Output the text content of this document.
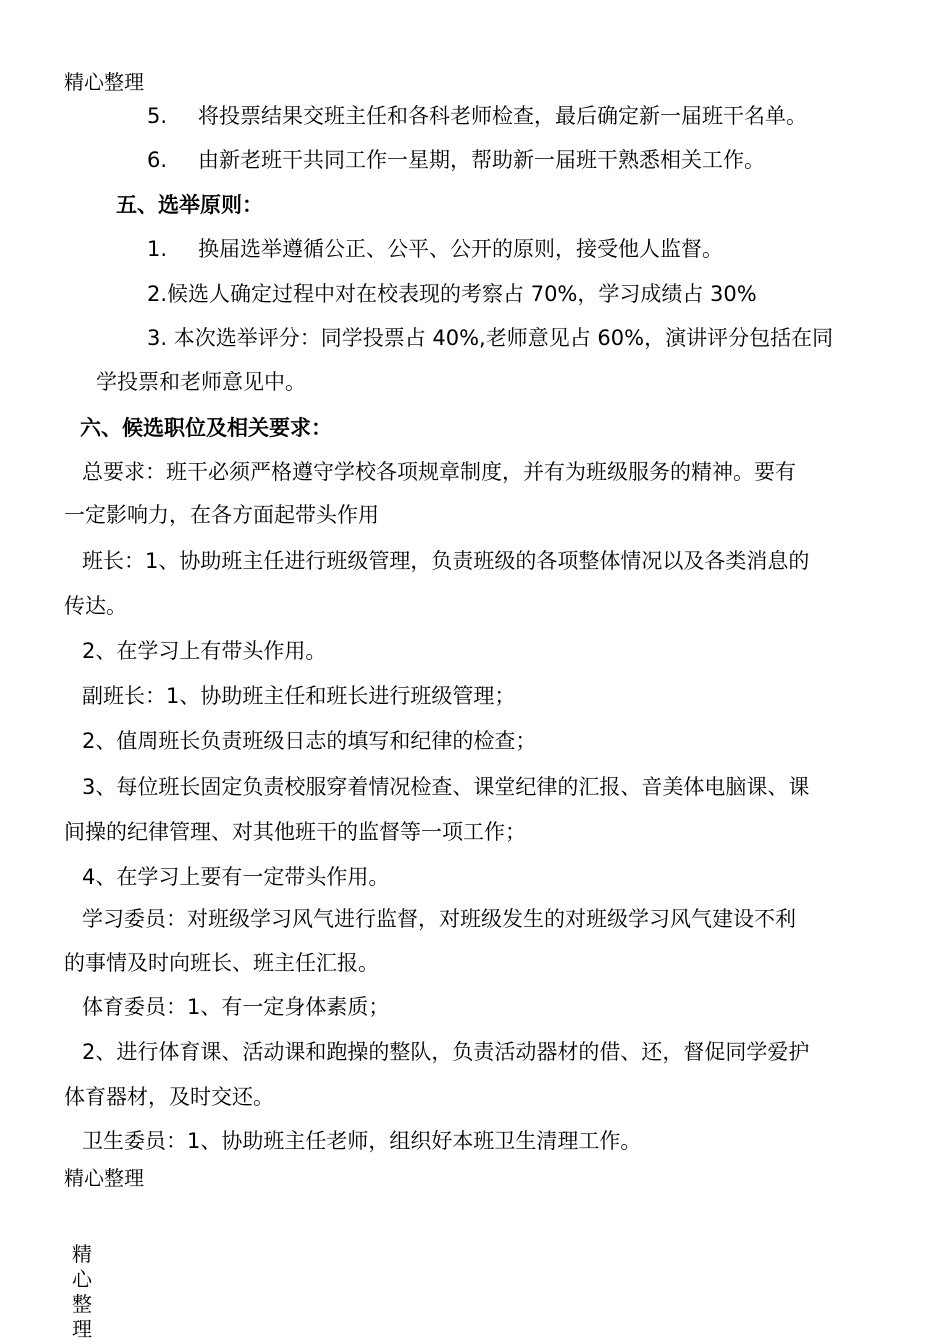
精心整理
5. 将投票结果交班主任和各科老师检查，最后确定新一届班干名单。
6. 由新老班干共同工作一星期，帮助新一届班干熟悉相关工作。
五、选举原则：
1. 换届选举遵循公正、公平、公开的原则，接受他人监督。
2.候选人确定过程中对在校表现的考察占 70%，学习成绩占 30%
3. 本次选举评分：同学投票占 40%,老师意见占 60%，演讲评分包括在同
学投票和老师意见中。
六、候选职位及相关要求：
总要求：班干必须严格遵守学校各项规章制度，并有为班级服务的精神。要有
一定影响力，在各方面起带头作用
班长：1、协助班主任进行班级管理，负责班级的各项整体情况以及各类消息的
传达。
2、在学习上有带头作用。
副班长：1、协助班主任和班长进行班级管理；
2、值周班长负责班级日志的填写和纪律的检查；
3、每位班长固定负责校服穿着情况检查、课堂纪律的汇报、音美体电脑课、课
间操的纪律管理、对其他班干的监督等一项工作；
4、在学习上要有一定带头作用。
学习委员：对班级学习风气进行监督，对班级发生的对班级学习风气建设不利
的事情及时向班长、班主任汇报。
体育委员：1、有一定身体素质；
2、进行体育课、活动课和跑操的整队，负责活动器材的借、还，督促同学爱护
体育器材，及时交还。
卫生委员：1、协助班主任老师，组织好本班卫生清理工作。
精心整理
精
心
整
理
